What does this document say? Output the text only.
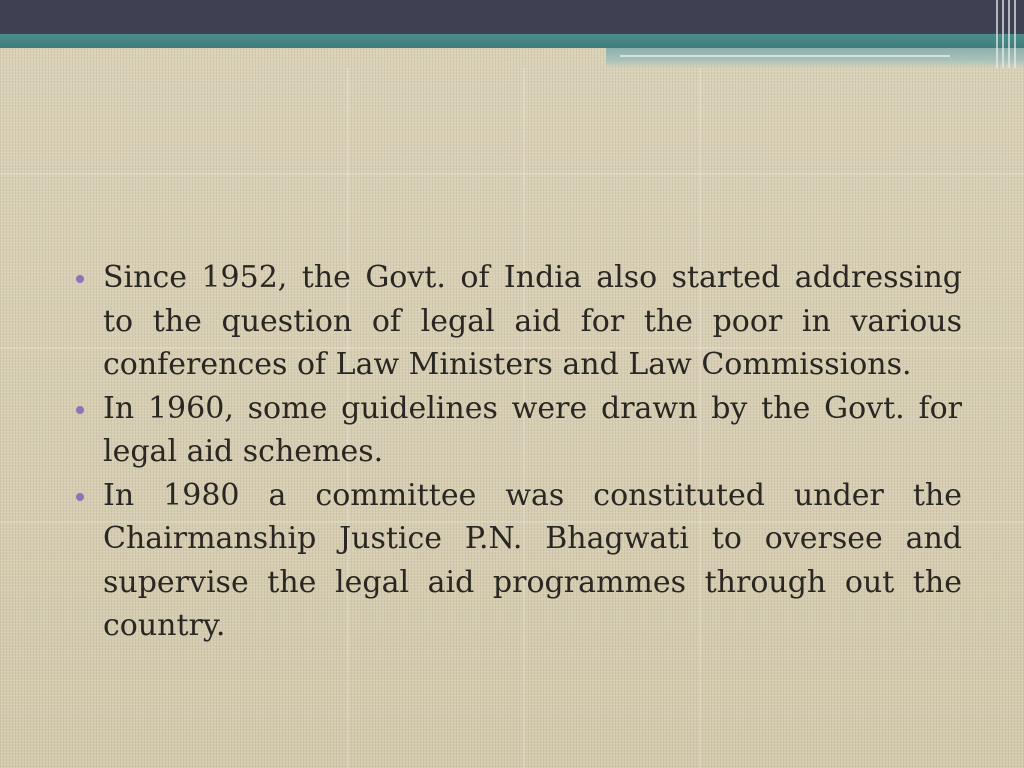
Since 1952, the Govt. of India also started addressing to the question of legal aid for the poor in various conferences of Law Ministers and Law Commissions.
In 1960, some guidelines were drawn by the Govt. for legal aid schemes.
In 1980 a committee was constituted under the Chairmanship Justice P.N. Bhagwati to oversee and supervise the legal aid programmes through out the country.
